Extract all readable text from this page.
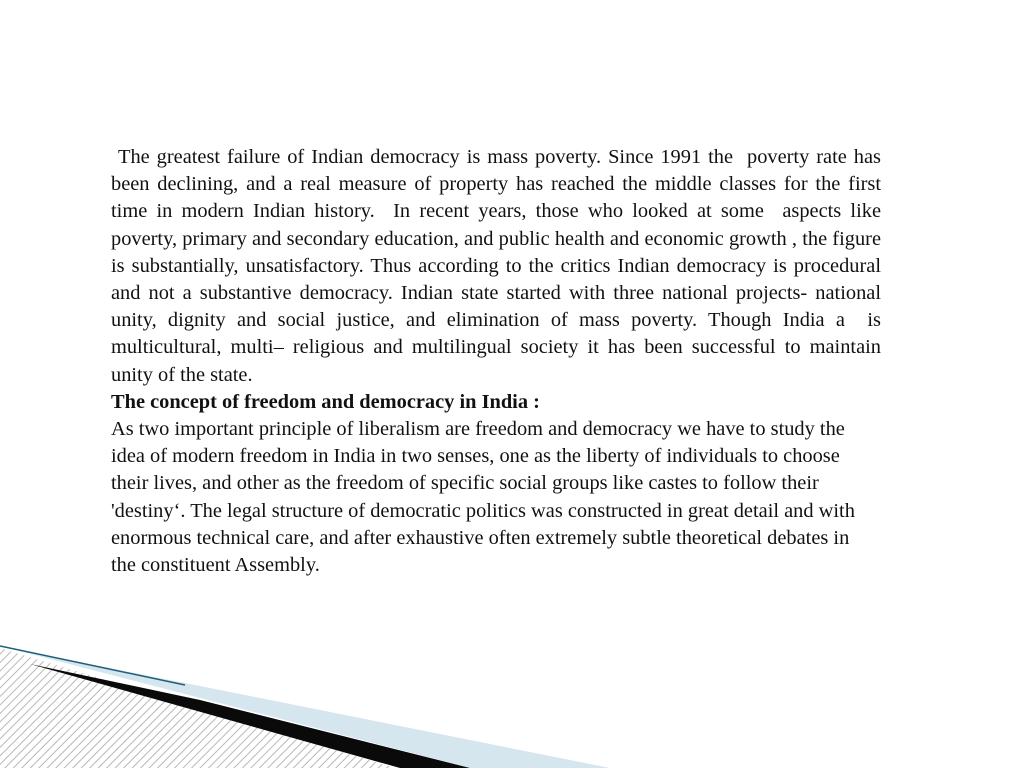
The greatest failure of Indian democracy is mass poverty. Since 1991 the  poverty rate has been declining, and a real measure of property has reached the middle classes for the first time in modern Indian history.  In recent years, those who looked at some  aspects like poverty, primary and secondary education, and public health and economic growth , the figure is substantially, unsatisfactory. Thus according to the critics Indian democracy is procedural  and not a substantive democracy. Indian state started with three national projects- national unity, dignity and social justice, and elimination of mass poverty. Though India a  is multicultural, multi– religious and multilingual society it has been successful to maintain unity of the state.

The concept of freedom and democracy in India :

As two important principle of liberalism are freedom and democracy we have to study the idea of modern freedom in India in two senses, one as the liberty of individuals to choose their lives, and other as the freedom of specific social groups like castes to follow their 'destiny‘. The legal structure of democratic politics was constructed in great detail and with enormous technical care, and after exhaustive often extremely subtle theoretical debates in the constituent Assembly.
